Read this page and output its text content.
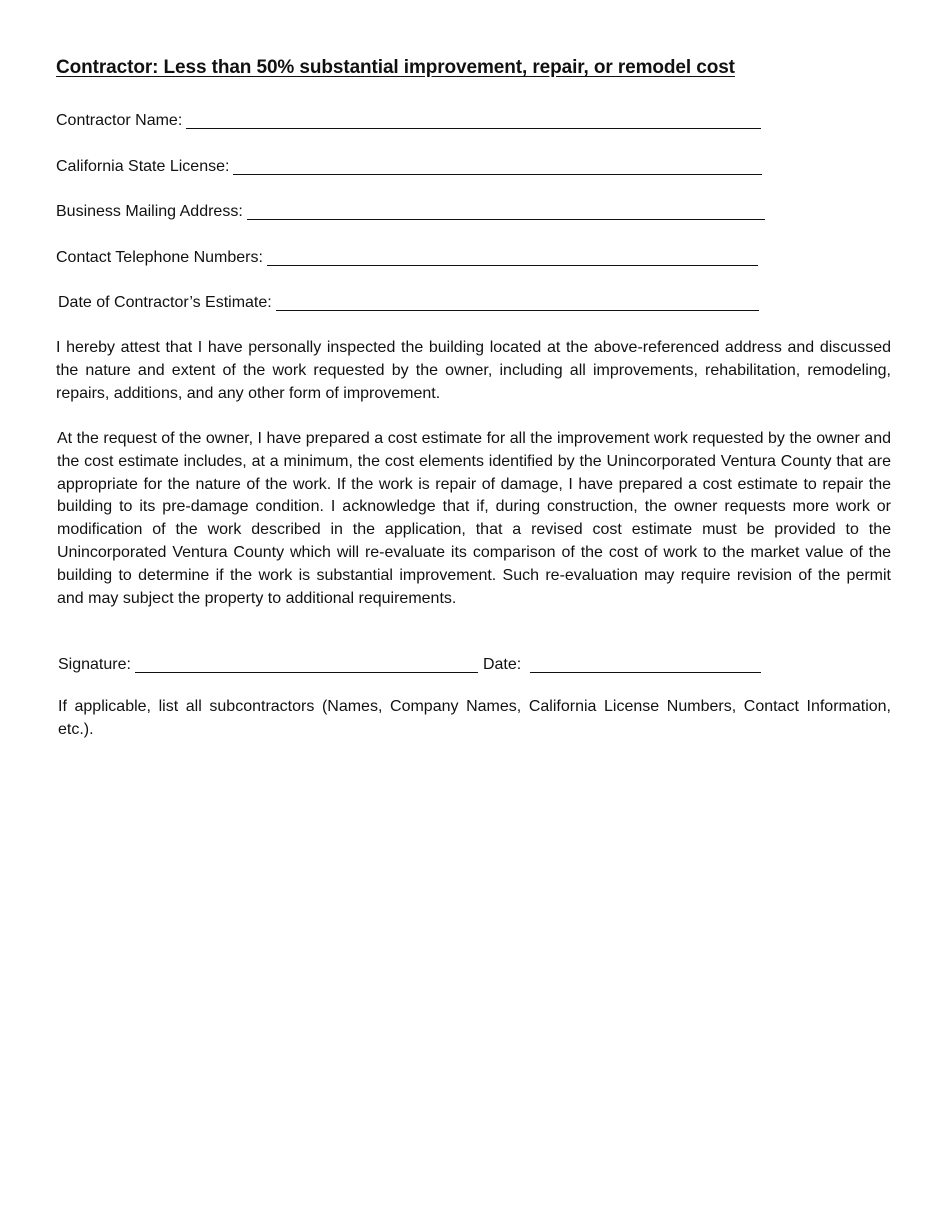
Contractor: Less than 50% substantial improvement, repair, or remodel cost
Contractor Name:
California State License:
Business Mailing Address:
Contact Telephone Numbers:
Date of Contractor’s Estimate:
I hereby attest that I have personally inspected the building located at the above-referenced address and discussed the nature and extent of the work requested by the owner, including all improvements, rehabilitation, remodeling, repairs, additions, and any other form of improvement.
At the request of the owner, I have prepared a cost estimate for all the improvement work requested by the owner and the cost estimate includes, at a minimum, the cost elements identified by the Unincorporated Ventura County that are appropriate for the nature of the work. If the work is repair of damage, I have prepared a cost estimate to repair the building to its pre-damage condition. I acknowledge that if, during construction, the owner requests more work or modification of the work described in the application, that a revised cost estimate must be provided to the Unincorporated Ventura County which will re-evaluate its comparison of the cost of work to the market value of the building to determine if the work is substantial improvement. Such re-evaluation may require revision of the permit and may subject the property to additional requirements.
Signature:	Date:
If applicable, list all subcontractors (Names, Company Names, California License Numbers, Contact Information, etc.).
